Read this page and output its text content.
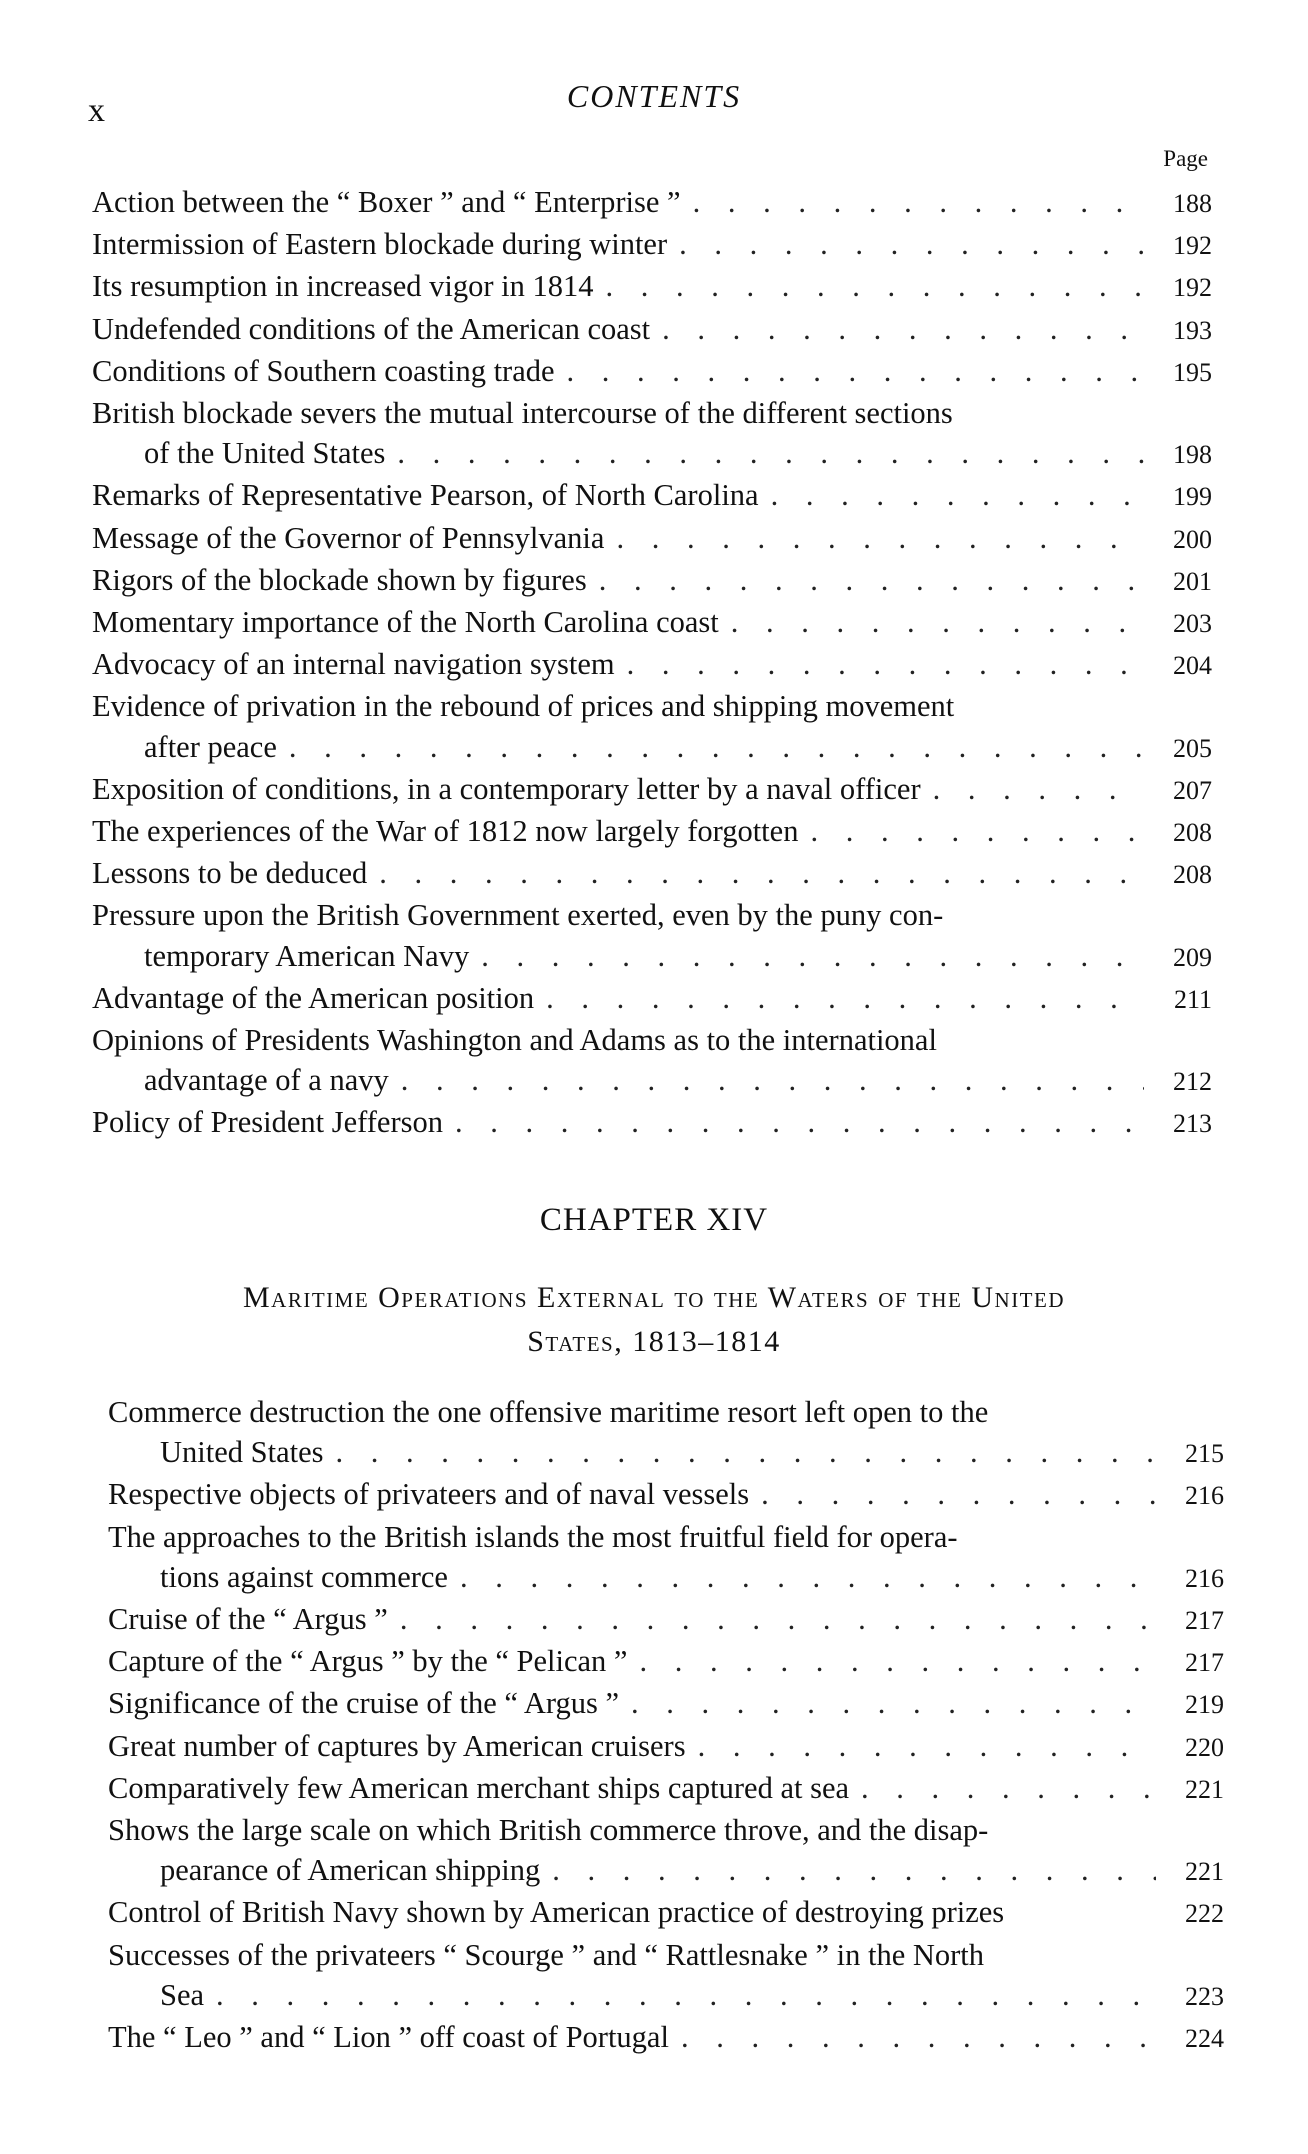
x	CONTENTS
Page
Action between the “ Boxer ” and “ Enterprise ” . . .	188
Intermission of Eastern blockade during winter . . .	192
Its resumption in increased vigor in 1814 . . .	192
Undefended conditions of the American coast . . .	193
Conditions of Southern coasting trade . . .	195
British blockade severs the mutual intercourse of the different sections
of the United States . . .	198
Remarks of Representative Pearson, of North Carolina . . .	199
Message of the Governor of Pennsylvania . . .	200
Rigors of the blockade shown by figures . . .	201
Momentary importance of the North Carolina coast . . .	203
Advocacy of an internal navigation system . . .	204
Evidence of privation in the rebound of prices and shipping movement
after peace . . .	205
Exposition of conditions, in a contemporary letter by a naval officer . . .	207
The experiences of the War of 1812 now largely forgotten . . .	208
Lessons to be deduced . . .	208
Pressure upon the British Government exerted, even by the puny con-
temporary American Navy . . .	209
Advantage of the American position . . .	211
Opinions of Presidents Washington and Adams as to the international
advantage of a navy . . .	212
Policy of President Jefferson . . .	213
CHAPTER XIV
Maritime Operations External to the Waters of the United
States, 1813–1814
Commerce destruction the one offensive maritime resort left open to the
United States . . .	215
Respective objects of privateers and of naval vessels . . .	216
The approaches to the British islands the most fruitful field for opera-
tions against commerce . . .	216
Cruise of the “ Argus ” . . .	217
Capture of the “ Argus ” by the “ Pelican ” . . .	217
Significance of the cruise of the “ Argus ” . . .	219
Great number of captures by American cruisers . . .	220
Comparatively few American merchant ships captured at sea . . .	221
Shows the large scale on which British commerce throve, and the disap-
pearance of American shipping . . .	221
Control of British Navy shown by American practice of destroying prizes	222
Successes of the privateers “ Scourge ” and “ Rattlesnake ” in the North
Sea . . .	223
The “ Leo ” and “ Lion ” off coast of Portugal . . .	224
